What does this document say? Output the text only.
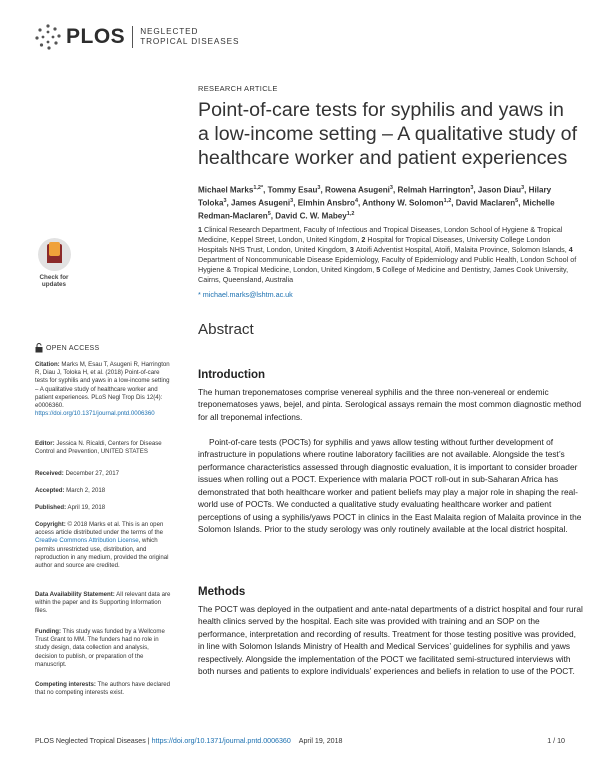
PLOS NEGLECTED
TROPICAL DISEASES
RESEARCH ARTICLE
Point-of-care tests for syphilis and yaws in a low-income setting – A qualitative study of healthcare worker and patient experiences
Michael Marks$^{1,2*}$, Tommy Esau$^3$, Rowena Asugeni$^3$, Relmah Harrington$^3$, Jason Diau$^3$, Hilary Toloka$^3$, James Asugeni$^3$, Elmhin Ansbro$^4$, Anthony W. Solomon$^{1,2}$, David Maclaren$^5$, Michelle Redman-Maclaren$^5$, David C. W. Mabey$^{1,2}$
1 Clinical Research Department, Faculty of Infectious and Tropical Diseases, London School of Hygiene & Tropical Medicine, Keppel Street, London, United Kingdom, 2 Hospital for Tropical Diseases, University College London Hospitals NHS Trust, London, United Kingdom, 3 Atoifi Adventist Hospital, Atoifi, Malaita Province, Solomon Islands, 4 Department of Noncommunicable Disease Epidemiology, Faculty of Epidemiology and Public Health, London School of Hygiene & Tropical Medicine, London, United Kingdom, 5 College of Medicine and Dentistry, James Cook University, Cairns, Queensland, Australia
* michael.marks@lshtm.ac.uk
Check for
updates
OPEN ACCESS
Citation: Marks M, Esau T, Asugeni R, Harrington R, Diau J, Toloka H, et al. (2018) Point-of-care tests for syphilis and yaws in a low-income setting – A qualitative study of healthcare worker and patient experiences. PLoS Negl Trop Dis 12(4): e0006360. https://doi.org/10.1371/journal.pntd.0006360
Editor: Jessica N. Ricaldi, Centers for Disease Control and Prevention, UNITED STATES
Received: December 27, 2017
Accepted: March 2, 2018
Published: April 19, 2018
Copyright: © 2018 Marks et al. This is an open access article distributed under the terms of the Creative Commons Attribution License, which permits unrestricted use, distribution, and reproduction in any medium, provided the original author and source are credited.
Data Availability Statement: All relevant data are within the paper and its Supporting Information files.
Funding: This study was funded by a Wellcome Trust Grant to MM. The funders had no role in study design, data collection and analysis, decision to publish, or preparation of the manuscript.
Competing interests: The authors have declared that no competing interests exist.
Abstract
Introduction
The human treponematoses comprise venereal syphilis and the three non-venereal or endemic treponematoses yaws, bejel, and pinta. Serological assays remain the most common diagnostic method for all treponemal infections.
Point-of-care tests (POCTs) for syphilis and yaws allow testing without further development of infrastructure in populations where routine laboratory facilities are not available. Alongside the test’s performance characteristics assessed through diagnostic evaluation, it is important to consider broader issues when rolling out a POCT. Experience with malaria POCT roll-out in sub-Saharan Africa has demonstrated that both healthcare worker and patient beliefs may play a major role in shaping the real-world use of POCTs. We conducted a qualitative study evaluating healthcare worker and patient perceptions of using a syphilis/yaws POCT in clinics in the East Malaita region of Malaita province in the Solomon Islands. Prior to the study serology was only routinely available at the local district hospital.
Methods
The POCT was deployed in the outpatient and ante-natal departments of a district hospital and four rural health clinics served by the hospital. Each site was provided with training and an SOP on the performance, interpretation and recording of results. Treatment for those testing positive was provided, in line with Solomon Islands Ministry of Health and Medical Services’ guidelines for syphilis and yaws respectively. Alongside the implementation of the POCT we facilitated semi-structured interviews with both nurses and patients to explore individuals’ experiences and beliefs in relation to use of the POCT.
PLOS Neglected Tropical Diseases | https://doi.org/10.1371/journal.pntd.0006360 April 19, 2018	1 / 10
